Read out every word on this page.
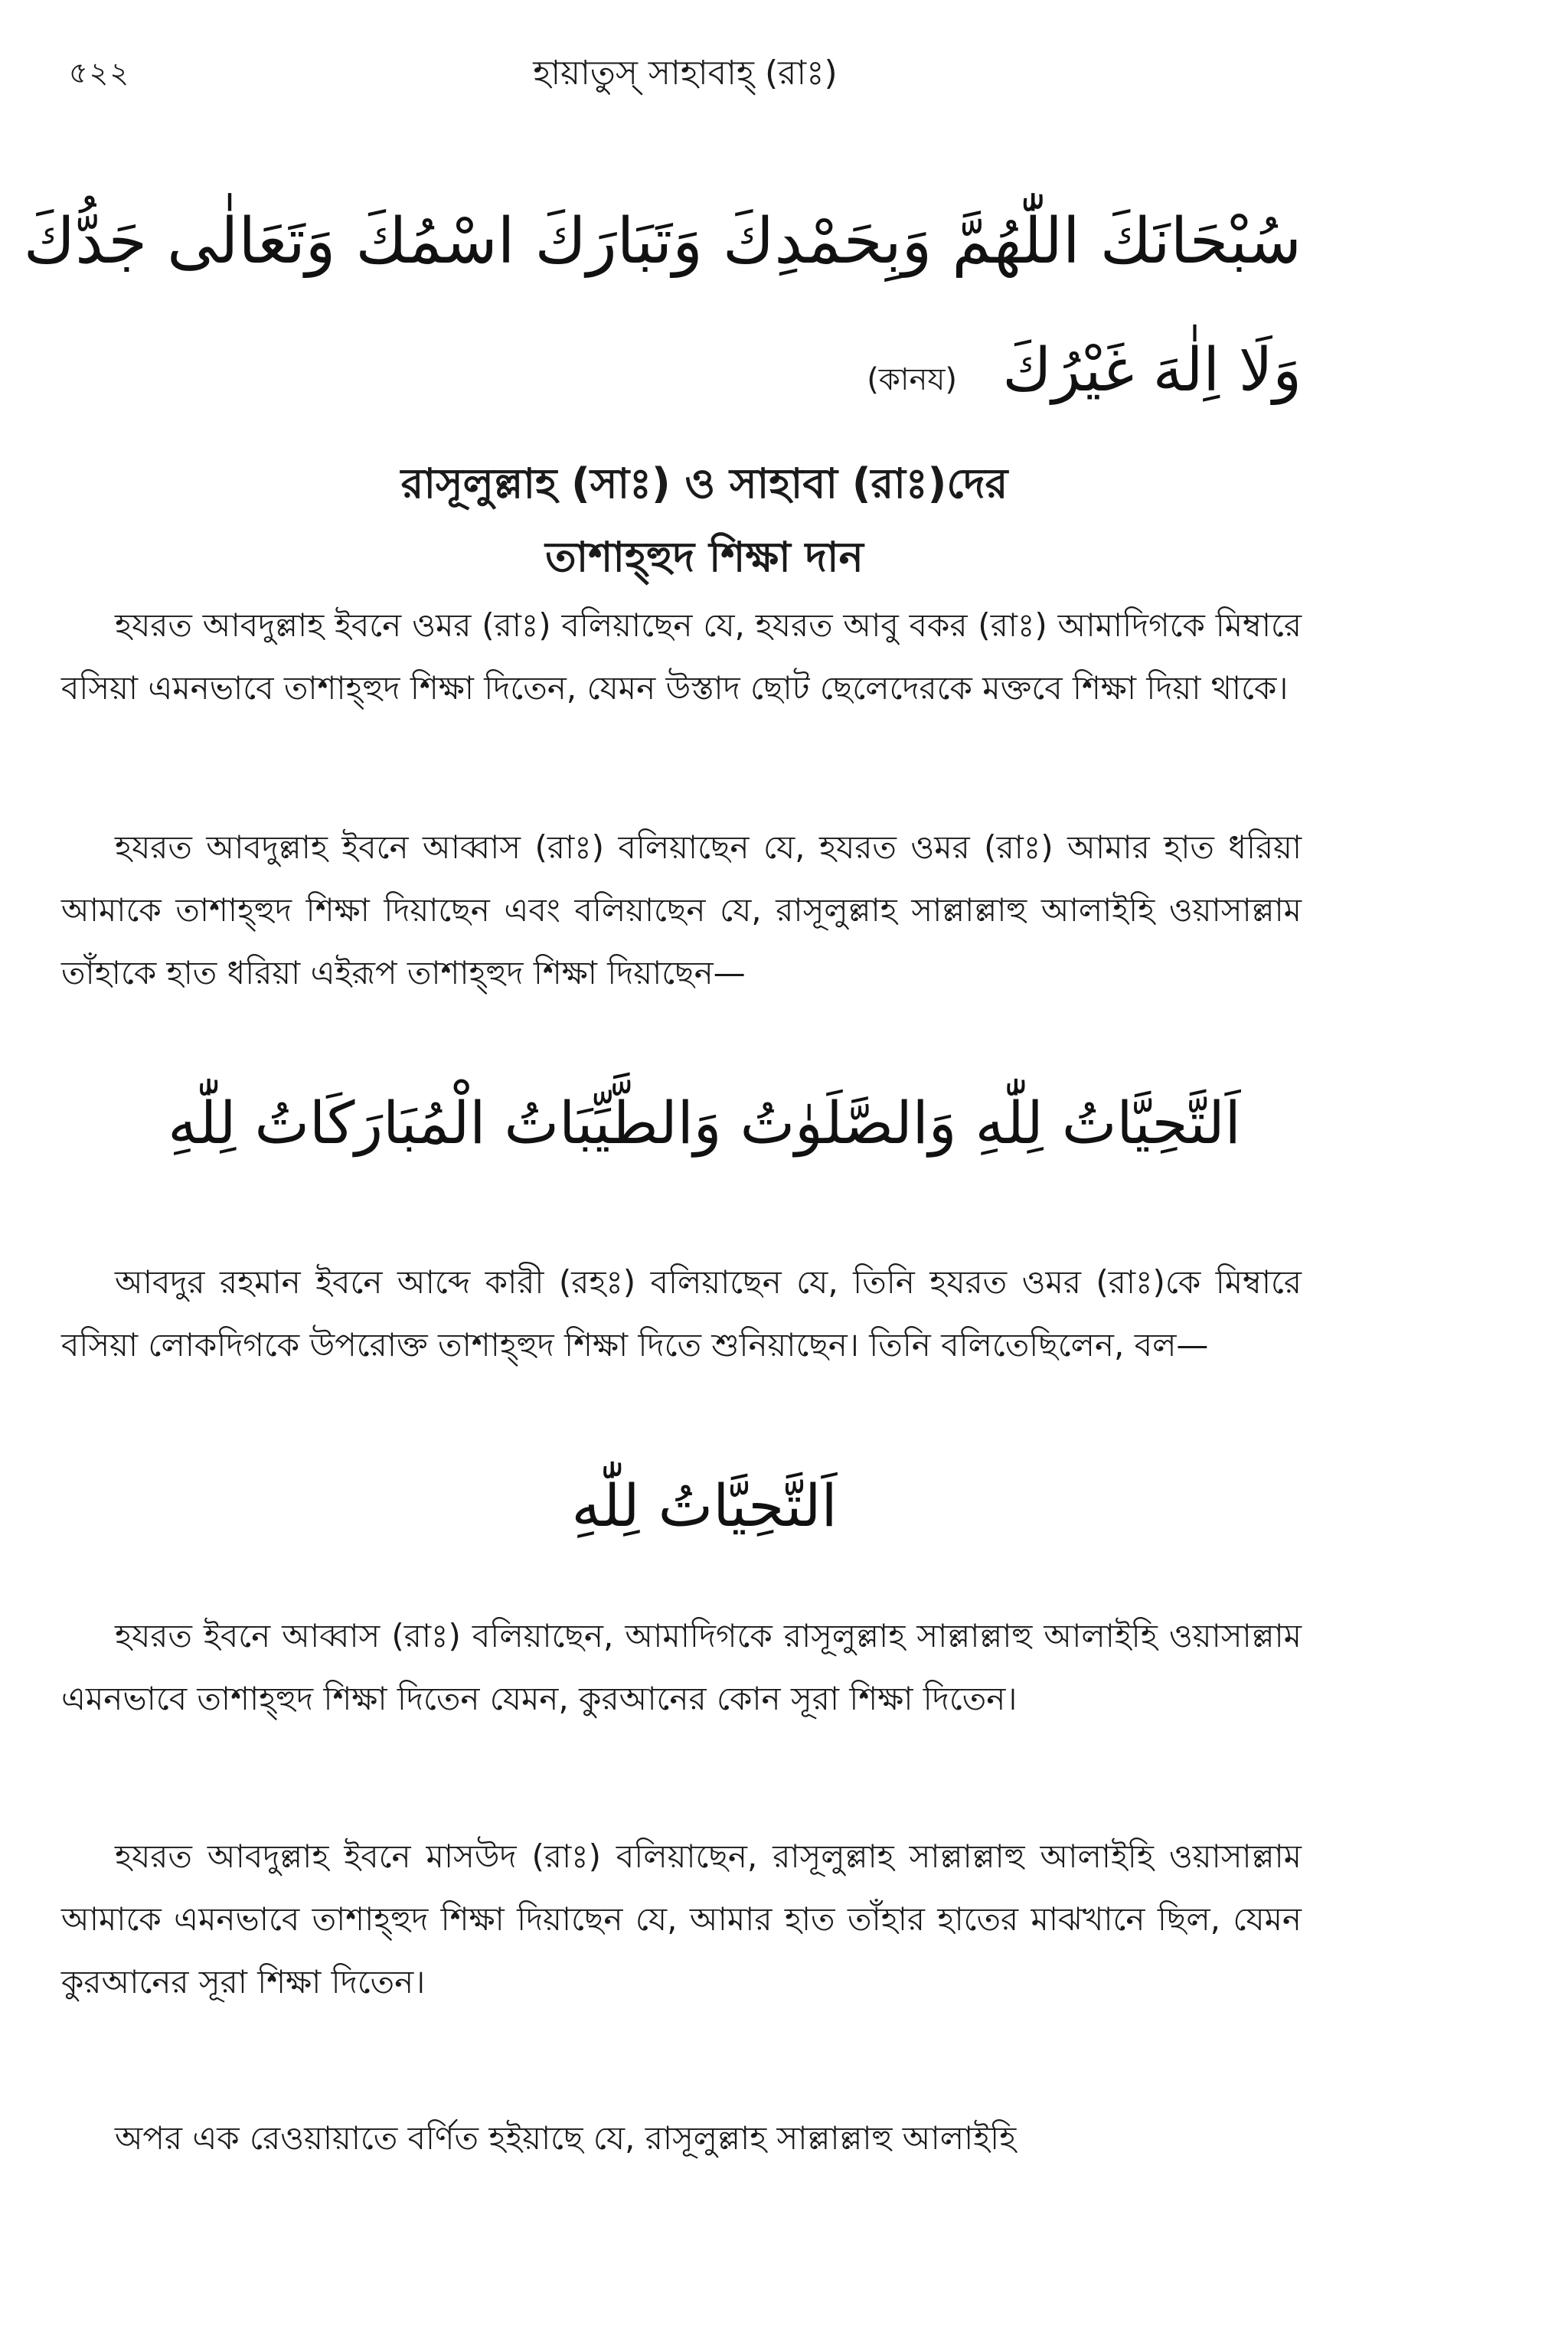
৫২২	হায়াতুস্ সাহাবাহ্ (রাঃ)
سُبْحَانَكَ اللّٰهُمَّ وَبِحَمْدِكَ وَتَبَارَكَ اسْمُكَ وَتَعَالٰى جَدُّكَ
وَلَا اِلٰهَ غَيْرُكَ
(কানয)
রাসূলুল্লাহ (সাঃ) ও সাহাবা (রাঃ)দের
তাশাহ্হুদ শিক্ষা দান

হযরত আবদুল্লাহ ইবনে ওমর (রাঃ) বলিয়াছেন যে, হযরত আবু বকর (রাঃ) আমাদিগকে মিম্বারে বসিয়া এমনভাবে তাশাহ্হুদ শিক্ষা দিতেন, যেমন উস্তাদ ছোট ছেলেদেরকে মক্তবে শিক্ষা দিয়া থাকে।

হযরত আবদুল্লাহ ইবনে আব্বাস (রাঃ) বলিয়াছেন যে, হযরত ওমর (রাঃ) আমার হাত ধরিয়া আমাকে তাশাহ্হুদ শিক্ষা দিয়াছেন এবং বলিয়াছেন যে, রাসূলুল্লাহ সাল্লাল্লাহু আলাইহি ওয়াসাল্লাম তাঁহাকে হাত ধরিয়া এইরূপ তাশাহ্হুদ শিক্ষা দিয়াছেন—

اَلتَّحِيَّاتُ لِلّٰهِ وَالصَّلَوٰتُ وَالطَّيِّبَاتُ الْمُبَارَكَاتُ لِلّٰهِ

আবদুর রহমান ইবনে আব্দে কারী (রহঃ) বলিয়াছেন যে, তিনি হযরত ওমর (রাঃ)কে মিম্বারে বসিয়া লোকদিগকে উপরোক্ত তাশাহ্হুদ শিক্ষা দিতে শুনিয়াছেন। তিনি বলিতেছিলেন, বল—

اَلتَّحِيَّاتُ لِلّٰهِ

হযরত ইবনে আব্বাস (রাঃ) বলিয়াছেন, আমাদিগকে রাসূলুল্লাহ সাল্লাল্লাহু আলাইহি ওয়াসাল্লাম এমনভাবে তাশাহ্হুদ শিক্ষা দিতেন যেমন, কুরআনের কোন সূরা শিক্ষা দিতেন।

হযরত আবদুল্লাহ ইবনে মাসউদ (রাঃ) বলিয়াছেন, রাসূলুল্লাহ সাল্লাল্লাহু আলাইহি ওয়াসাল্লাম আমাকে এমনভাবে তাশাহ্হুদ শিক্ষা দিয়াছেন যে, আমার হাত তাঁহার হাতের মাঝখানে ছিল, যেমন কুরআনের সূরা শিক্ষা দিতেন।

অপর এক রেওয়ায়াতে বর্ণিত হইয়াছে যে, রাসূলুল্লাহ সাল্লাল্লাহু আলাইহি
